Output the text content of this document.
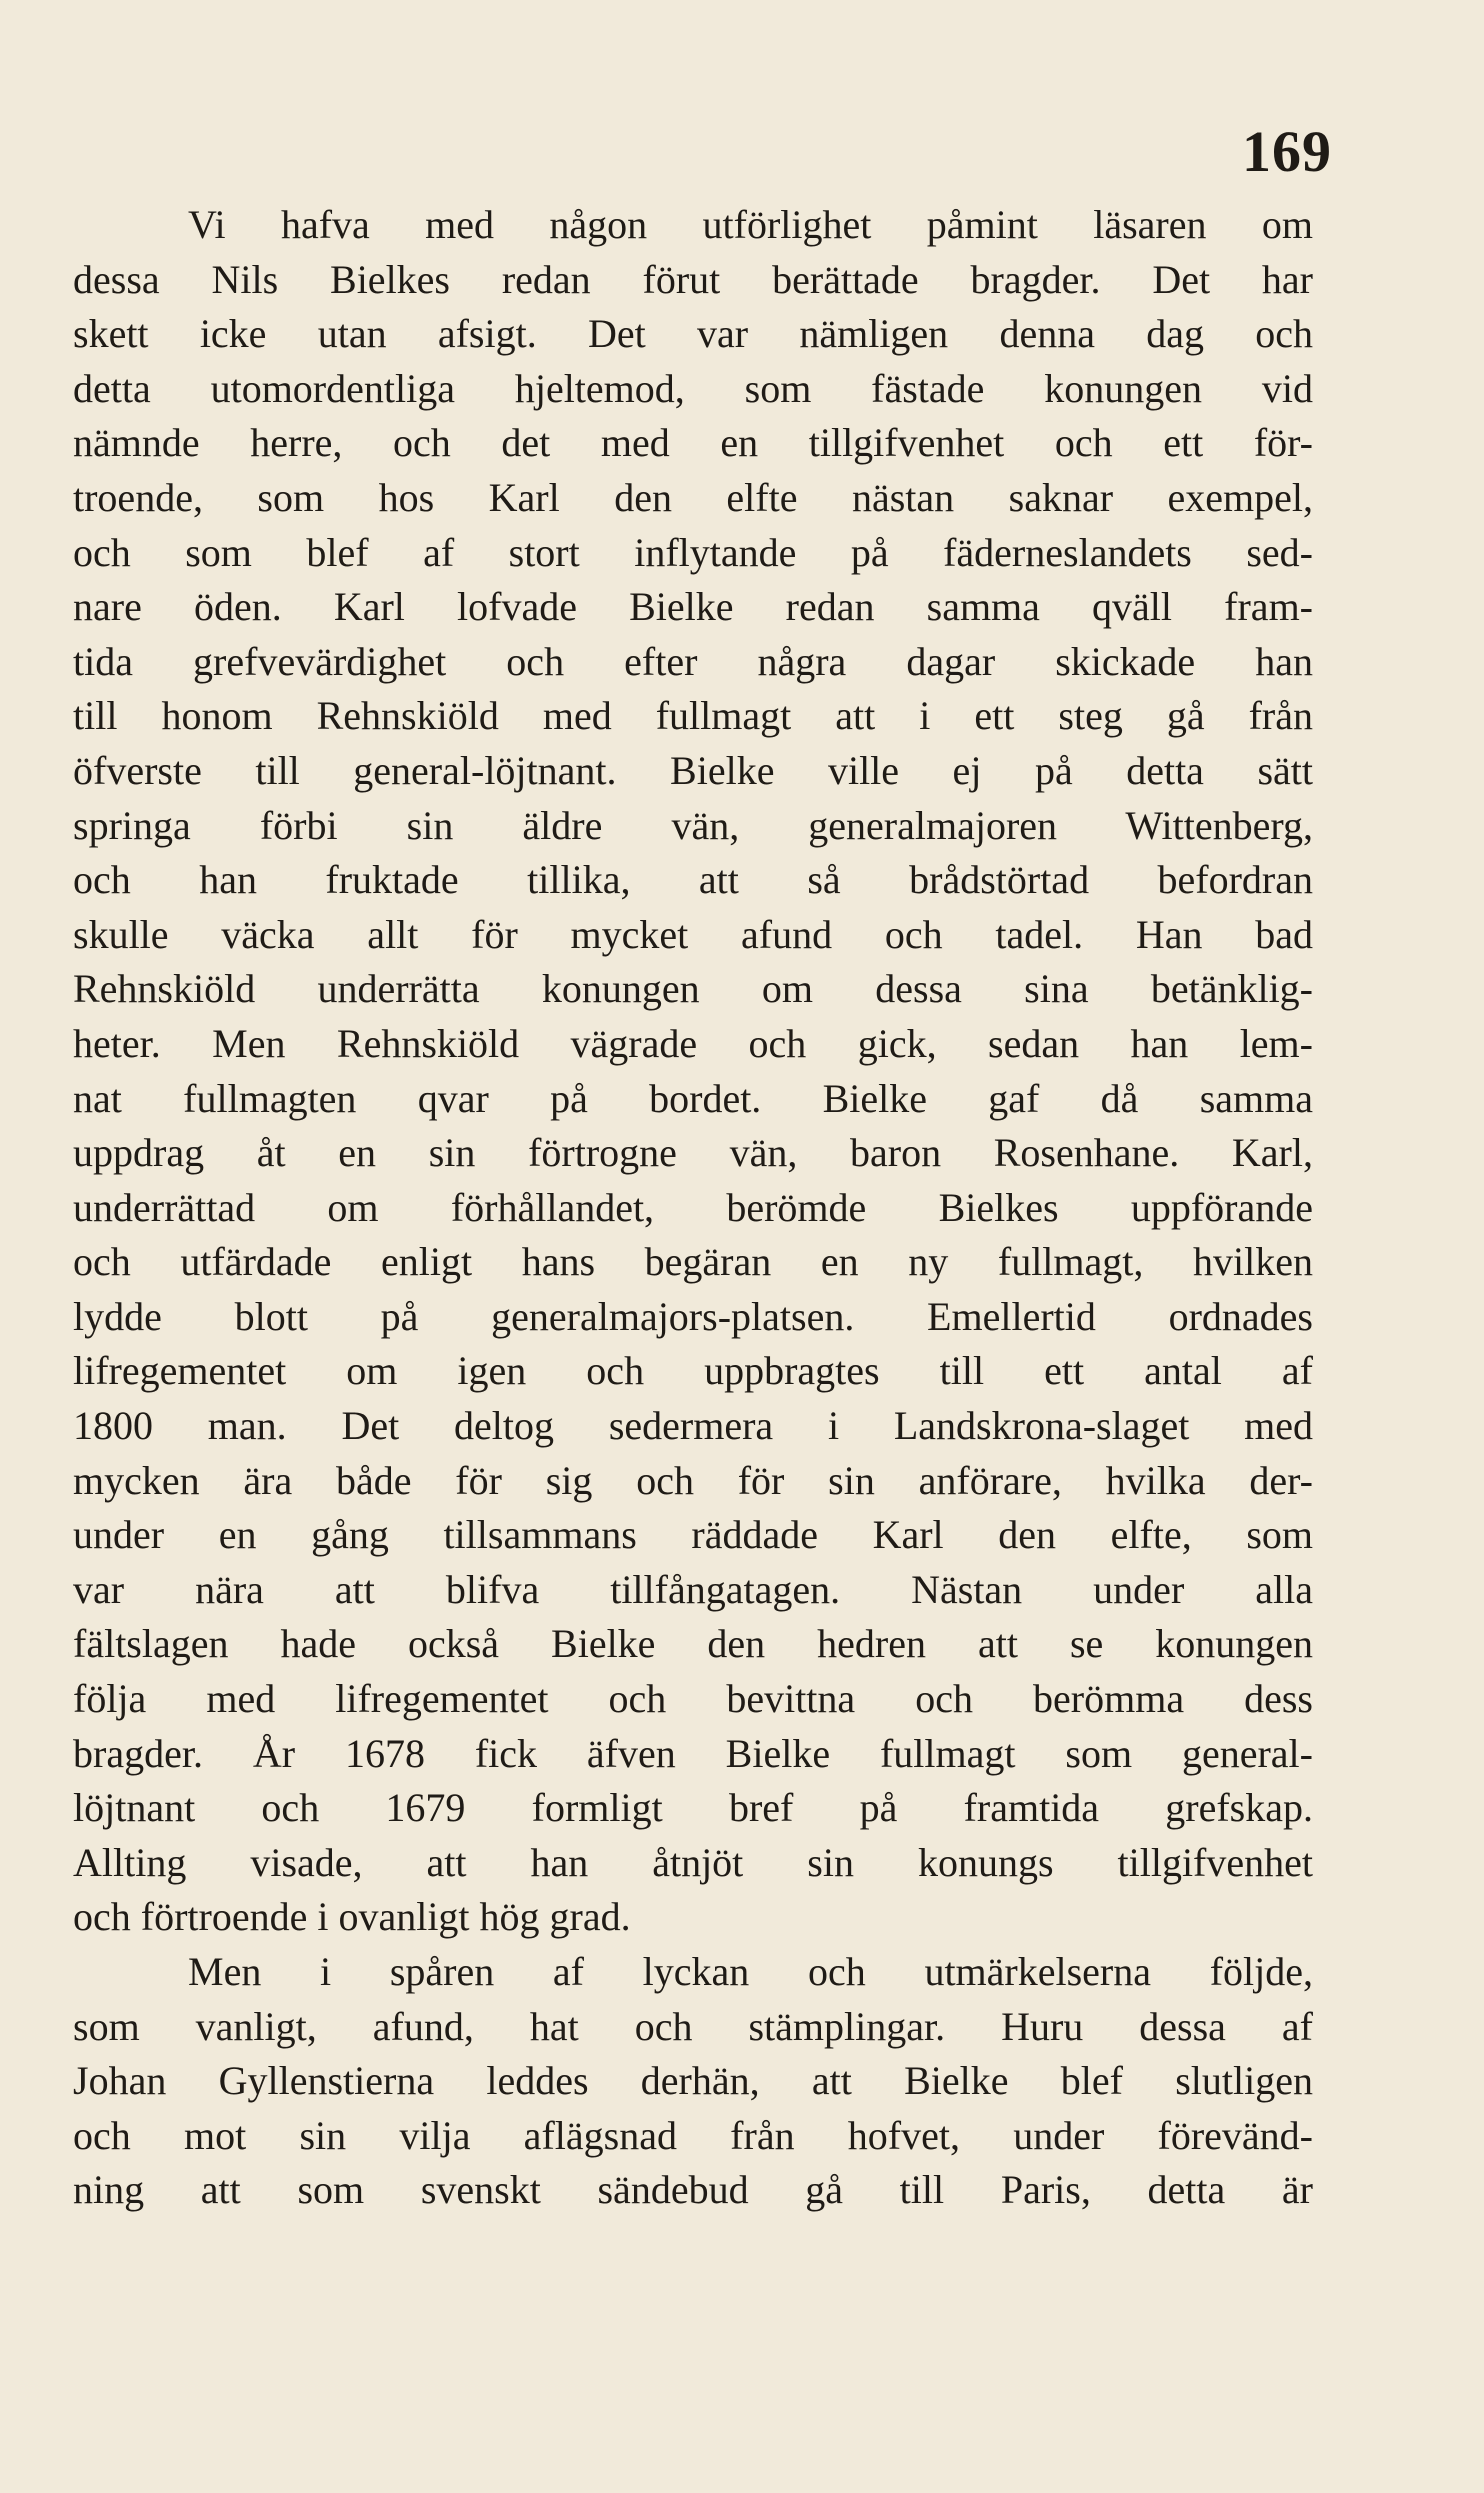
169
Vi hafva med någon utförlighet påmint läsaren om
dessa Nils Bielkes redan förut berättade bragder. Det har
skett icke utan afsigt. Det var nämligen denna dag och
detta utomordentliga hjeltemod, som fästade konungen vid
nämnde herre, och det med en tillgifvenhet och ett för-
troende, som hos Karl den elfte nästan saknar exempel,
och som blef af stort inflytande på fäderneslandets sed-
nare öden. Karl lofvade Bielke redan samma qväll fram-
tida grefvevärdighet och efter några dagar skickade han
till honom Rehnskiöld med fullmagt att i ett steg gå från
öfverste till general-löjtnant. Bielke ville ej på detta sätt
springa förbi sin äldre vän, generalmajoren Wittenberg,
och han fruktade tillika, att så brådstörtad befordran
skulle väcka allt för mycket afund och tadel. Han bad
Rehnskiöld underrätta konungen om dessa sina betänklig-
heter. Men Rehnskiöld vägrade och gick, sedan han lem-
nat fullmagten qvar på bordet. Bielke gaf då samma
uppdrag åt en sin förtrogne vän, baron Rosenhane. Karl,
underrättad om förhållandet, berömde Bielkes uppförande
och utfärdade enligt hans begäran en ny fullmagt, hvilken
lydde blott på generalmajors-platsen. Emellertid ordnades
lifregementet om igen och uppbragtes till ett antal af
1800 man. Det deltog sedermera i Landskrona-slaget med
mycken ära både för sig och för sin anförare, hvilka der-
under en gång tillsammans räddade Karl den elfte, som
var nära att blifva tillfångatagen. Nästan under alla
fältslagen hade också Bielke den hedren att se konungen
följa med lifregementet och bevittna och berömma dess
bragder. År 1678 fick äfven Bielke fullmagt som general-
löjtnant och 1679 formligt bref på framtida grefskap.
Allting visade, att han åtnjöt sin konungs tillgifvenhet
och förtroende i ovanligt hög grad.
Men i spåren af lyckan och utmärkelserna följde,
som vanligt, afund, hat och stämplingar. Huru dessa af
Johan Gyllenstierna leddes derhän, att Bielke blef slutligen
och mot sin vilja aflägsnad från hofvet, under förevänd-
ning att som svenskt sändebud gå till Paris, detta är
